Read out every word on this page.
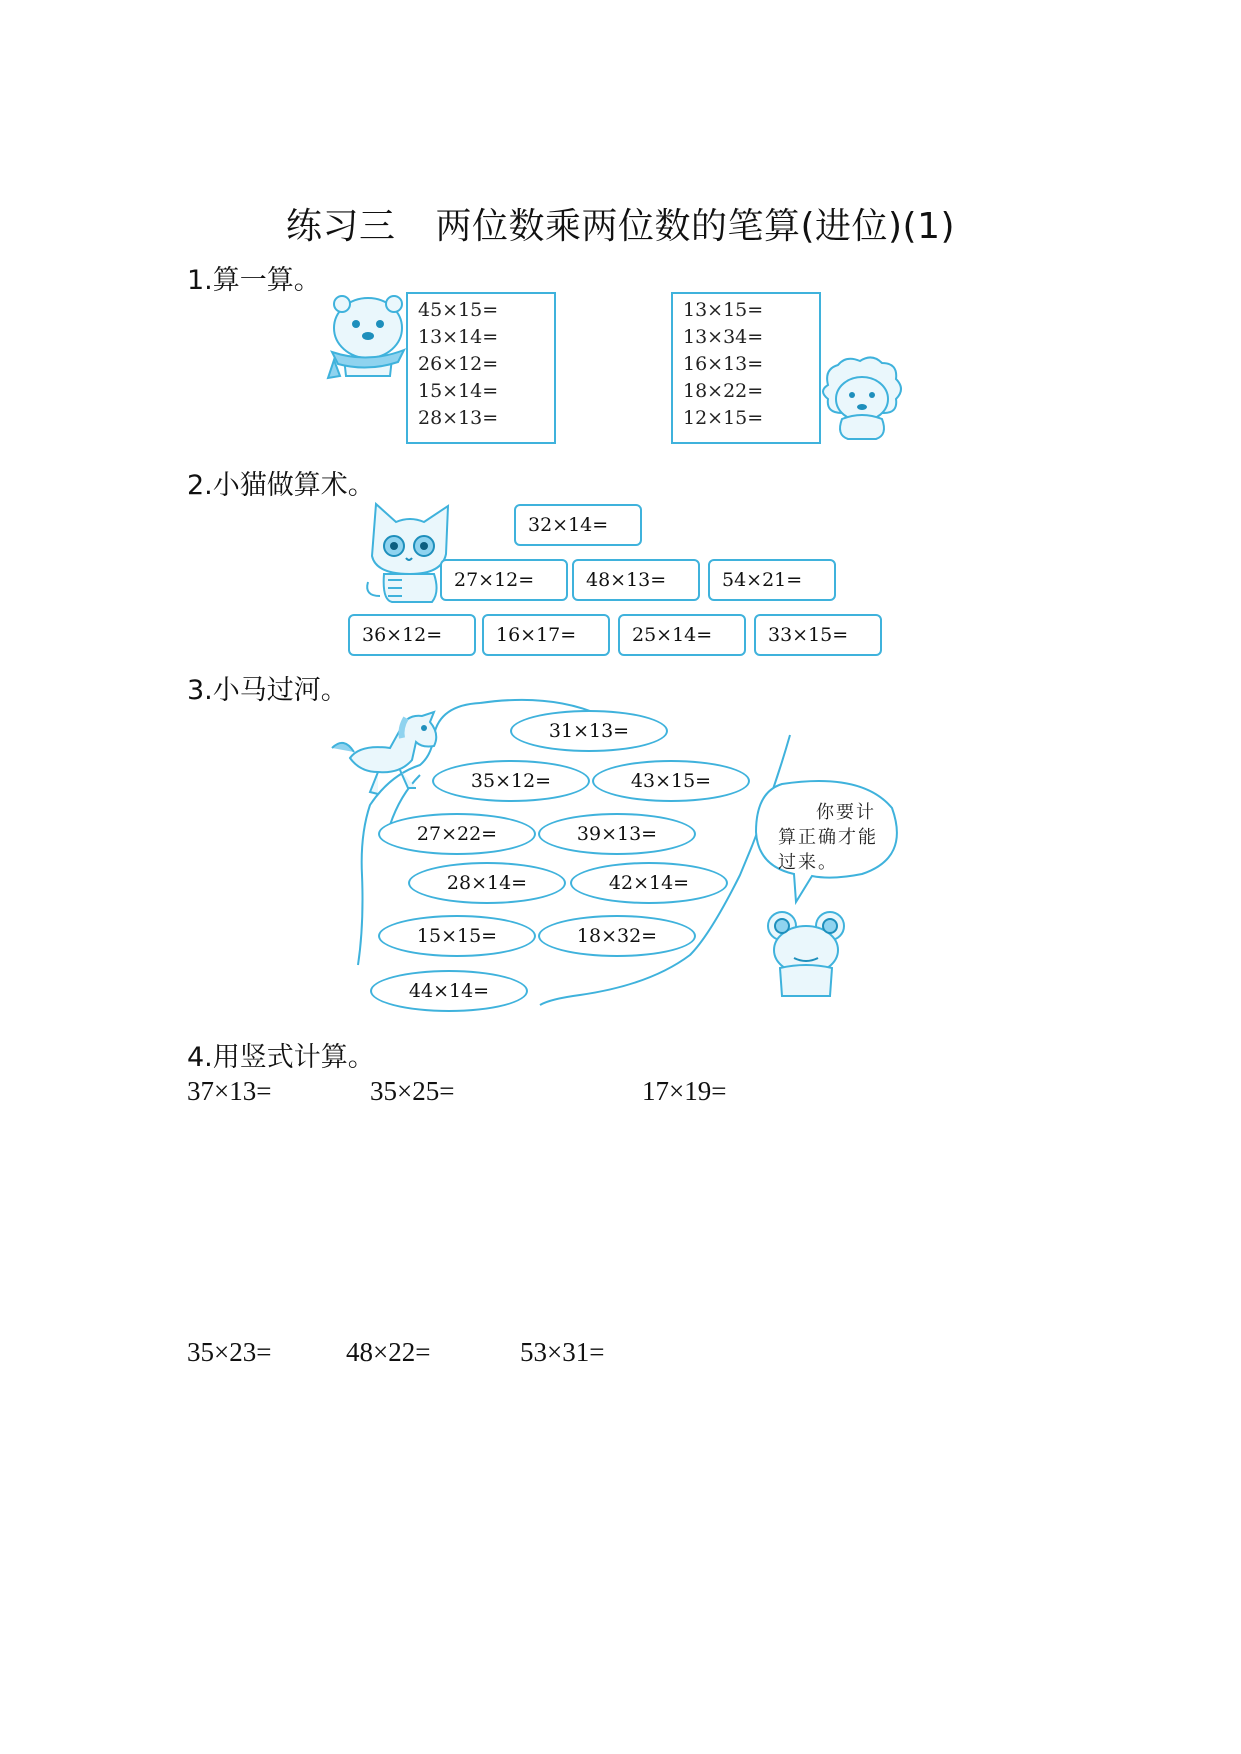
练习三 两位数乘两位数的笔算(进位)(1)
1.算一算。
45×15=
13×14=
26×12=
15×14=
28×13=
13×15=
13×34=
16×13=
18×22=
12×15=
2.小猫做算术。
32×14=
27×12=	48×13=	54×21=
36×12=	16×17=	25×14=	33×15=
3.小马过河。
31×13=
35×12=	43×15=
27×22=	39×13=
28×14=	42×14=
15×15=	18×32=
44×14=
你要计
算正确才能
过来。
4.用竖式计算。
37×13=	35×25=	17×19=
35×23=	48×22=	53×31=
